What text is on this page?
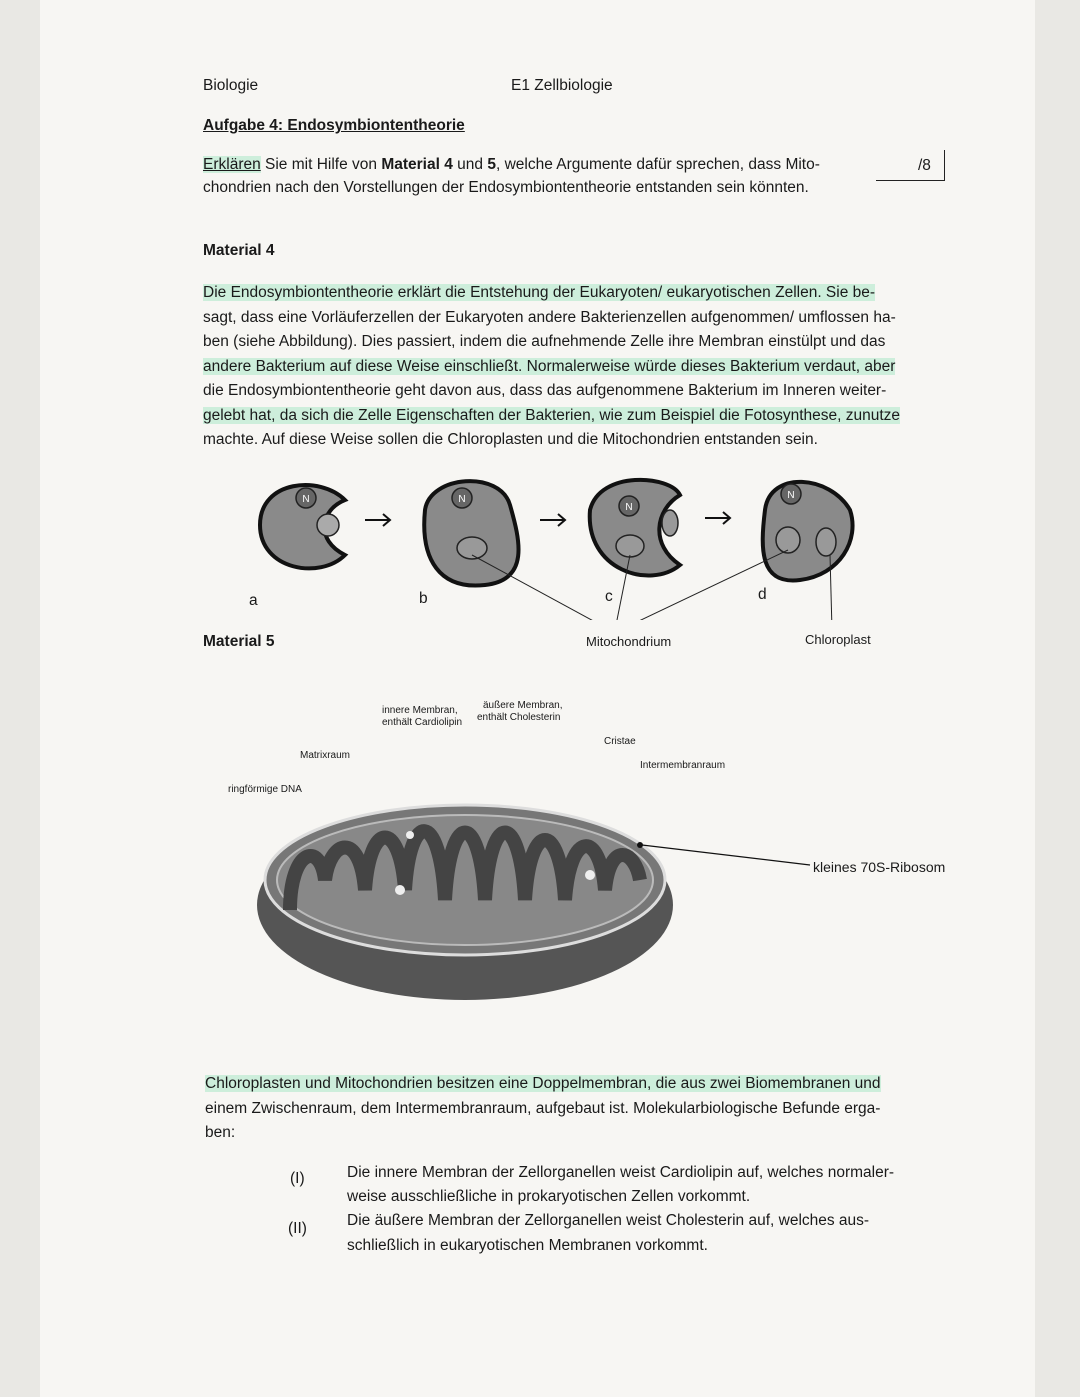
Biologie	E1 Zellbiologie
Aufgabe 4: Endosymbiontentheorie
Erklären Sie mit Hilfe von Material 4 und 5, welche Argumente dafür sprechen, dass Mito-
chondrien nach den Vorstellungen der Endosymbiontentheorie entstanden sein könnten.
/8
Material 4
Die Endosymbiontentheorie erklärt die Entstehung der Eukaryoten/ eukaryotischen Zellen. Sie be-
sagt, dass eine Vorläuferzellen der Eukaryoten andere Bakterienzellen aufgenommen/ umflossen ha-
ben (siehe Abbildung). Dies passiert, indem die aufnehmende Zelle ihre Membran einstülpt und das
andere Bakterium auf diese Weise einschließt. Normalerweise würde dieses Bakterium verdaut, aber
die Endosymbiontentheorie geht davon aus, dass das aufgenommene Bakterium im Inneren weiter-
gelebt hat, da sich die Zelle Eigenschaften der Bakterien, wie zum Beispiel die Fotosynthese, zunutze
machte. Auf diese Weise sollen die Chloroplasten und die Mitochondrien entstanden sein.
N	N
N
N
a	b	c	d
Mitochondrium	Chloroplast
Material 5
innere Membran,
enthält Cardiolipin
äußere Membran,
enthält Cholesterin
Cristae
Matrixraum
ringförmige DNA
Intermembranraum
kleines 70S-Ribosom
Chloroplasten und Mitochondrien besitzen eine Doppelmembran, die aus zwei Biomembranen und
einem Zwischenraum, dem Intermembranraum, aufgebaut ist. Molekularbiologische Befunde erga-
ben:
(I)	Die innere Membran der Zellorganellen weist Cardiolipin auf, welches normaler-
weise ausschließliche in prokaryotischen Zellen vorkommt.
(II)	Die äußere Membran der Zellorganellen weist Cholesterin auf, welches aus-
schließlich in eukaryotischen Membranen vorkommt.
